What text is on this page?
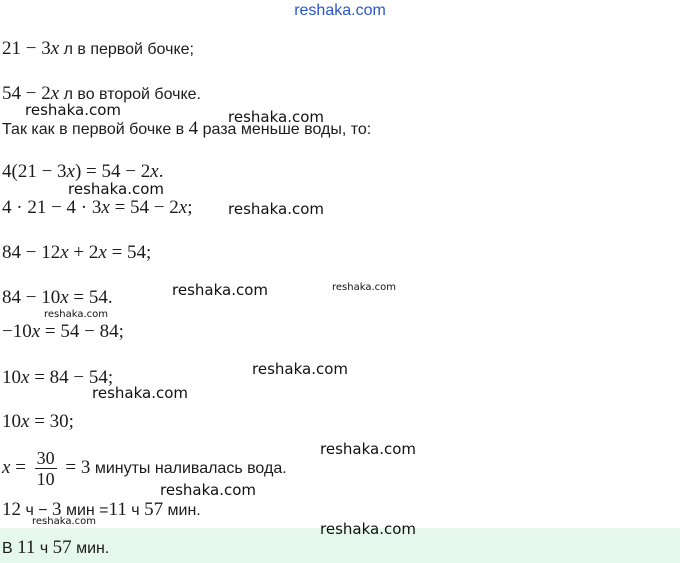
reshaka.com
21 − 3x л в первой бочке;
54 − 2x л во второй бочке.
Так как в первой бочке в 4 раза меньше воды, то:
4(21 − 3x) = 54 − 2x.
4 · 21 − 4 · 3x = 54 − 2x;
84 − 12x + 2x = 54;
84 − 10x = 54.
−10x = 54 − 84;
10x = 84 − 54;
10x = 30;
$x = \frac{30}{10} = 3$ минуты наливалась вода.
12 ч − 3 мин =11 ч 57 мин.
В 11 ч 57 мин.
reshaka.com	reshaka.com
reshaka.com
reshaka.com
reshaka.com	reshaka.com
reshaka.com
reshaka.com
reshaka.com
reshaka.com
reshaka.com
reshaka.com	reshaka.com
